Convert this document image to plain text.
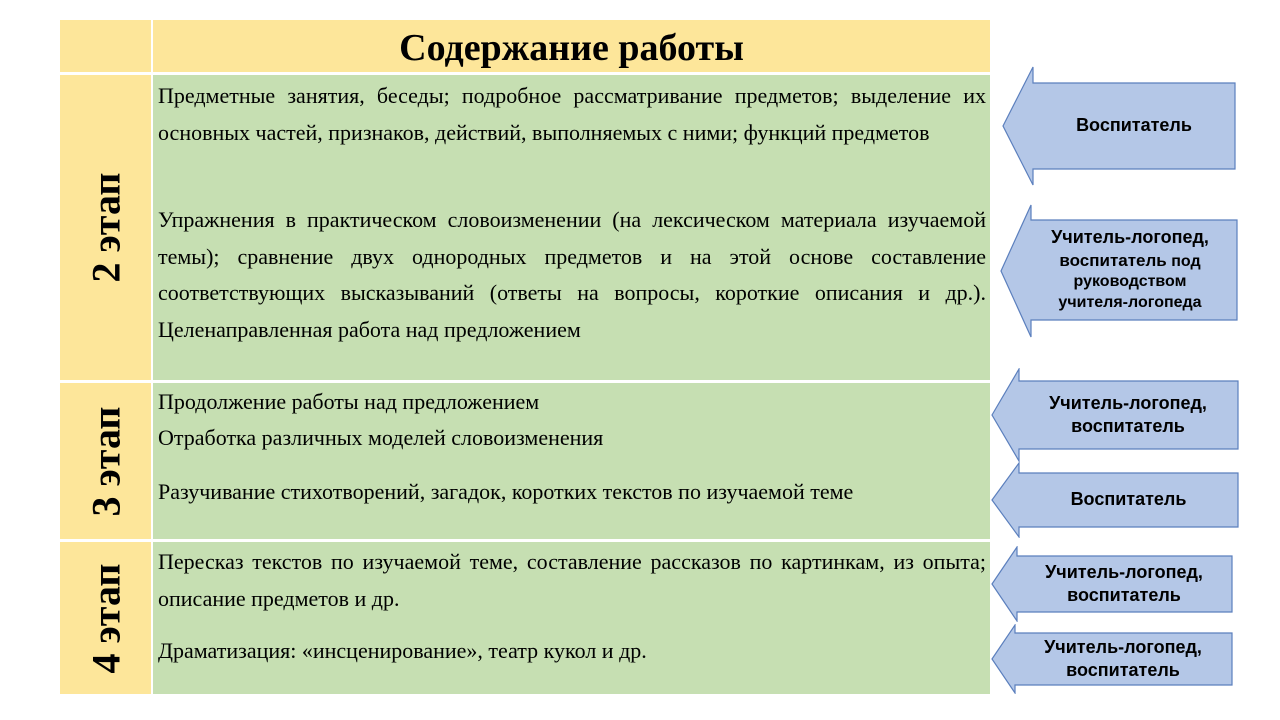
Содержание работы
2 этап

Предметные занятия, беседы; подробное рассматривание предметов; выделение их основных частей, признаков, действий, выполняемых с ними; функций предметов

Упражнения в практическом словоизменении (на лексическом материала изучаемой темы); сравнение двух однородных предметов и на этой основе составление соответствующих высказываний (ответы на вопросы, короткие описания и др.). Целенаправленная работа над предложением

3 этап

Продолжение работы над предложением

Отработка различных моделей словоизменения

Разучивание стихотворений, загадок, коротких текстов по изучаемой теме

4 этап

Пересказ текстов по изучаемой теме, составление рассказов по картинкам, из опыта; описание предметов и др.

Драматизация: «инсценирование», театр кукол и др.

Воспитатель
Учитель-логопед,
воспитатель под
руководством
учителя-логопеда
Учитель-логопед,
воспитатель
Воспитатель
Учитель-логопед,
воспитатель
Учитель-логопед,
воспитатель
